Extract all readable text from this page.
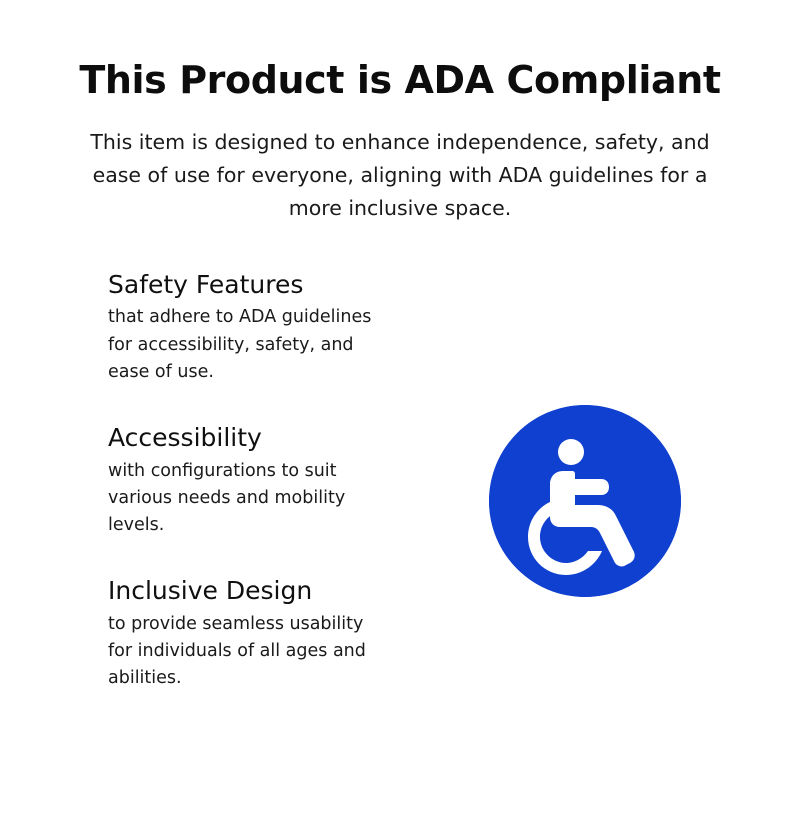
This Product is ADA Compliant

This item is designed to enhance independence, safety, and ease of use for everyone, aligning with ADA guidelines for a more inclusive space.

Safety Features

that adhere to ADA guidelines for accessibility, safety, and ease of use.

Accessibility

with configurations to suit various needs and mobility levels.

Inclusive Design

to provide seamless usability for individuals of all ages and abilities.
